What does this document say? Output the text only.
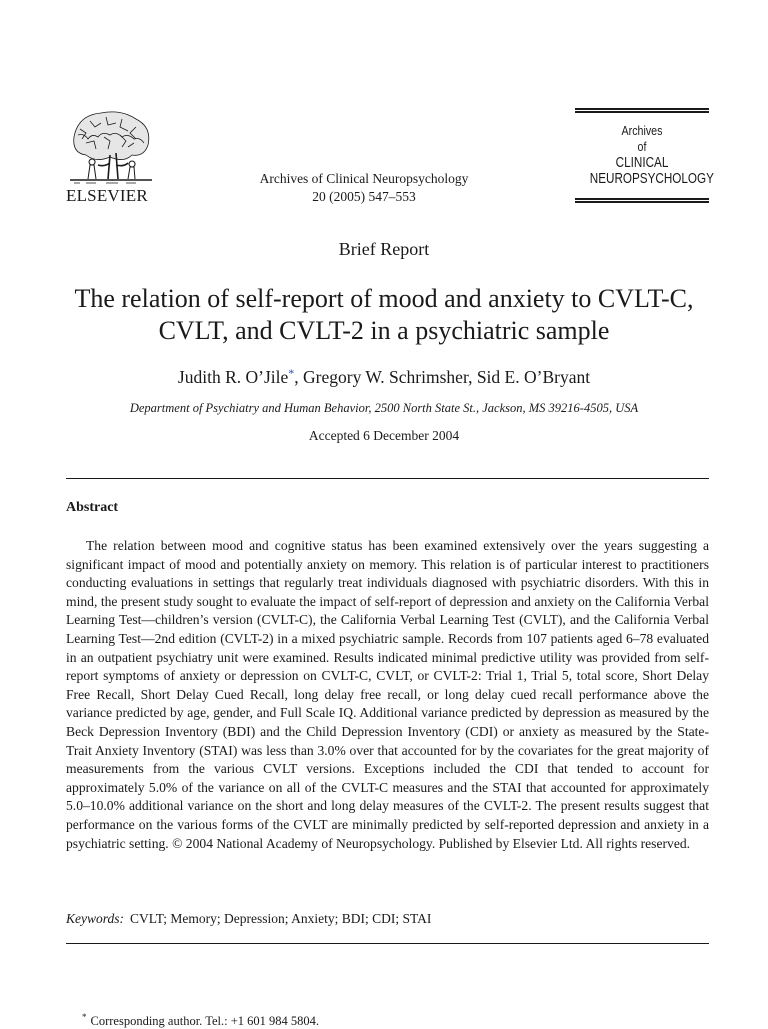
ELSEVIER
Archives of Clinical Neuropsychology
20 (2005) 547–553
Archives
of
CLINICAL
NEUROPSYCHOLOGY
Brief Report
The relation of self-report of mood and anxiety to CVLT-C, CVLT, and CVLT-2 in a psychiatric sample
Judith R. O’Jile*, Gregory W. Schrimsher, Sid E. O’Bryant
Department of Psychiatry and Human Behavior, 2500 North State St., Jackson, MS 39216-4505, USA
Accepted 6 December 2004
Abstract
The relation between mood and cognitive status has been examined extensively over the years suggesting a significant impact of mood and potentially anxiety on memory. This relation is of particular interest to practitioners conducting evaluations in settings that regularly treat individuals diagnosed with psychiatric disorders. With this in mind, the present study sought to evaluate the impact of self-report of depression and anxiety on the California Verbal Learning Test—children’s version (CVLT-C), the California Verbal Learning Test (CVLT), and the California Verbal Learning Test—2nd edition (CVLT-2) in a mixed psychiatric sample. Records from 107 patients aged 6–78 evaluated in an outpatient psychiatry unit were examined. Results indicated minimal predictive utility was provided from self-report symptoms of anxiety or depression on CVLT-C, CVLT, or CVLT-2: Trial 1, Trial 5, total score, Short Delay Free Recall, Short Delay Cued Recall, long delay free recall, or long delay cued recall performance above the variance predicted by age, gender, and Full Scale IQ. Additional variance predicted by depression as measured by the Beck Depression Inventory (BDI) and the Child Depression Inventory (CDI) or anxiety as measured by the State-Trait Anxiety Inventory (STAI) was less than 3.0% over that accounted for by the covariates for the great majority of measurements from the various CVLT versions. Exceptions included the CDI that tended to account for approximately 5.0% of the variance on all of the CVLT-C measures and the STAI that accounted for approximately 5.0–10.0% additional variance on the short and long delay measures of the CVLT-2. The present results suggest that performance on the various forms of the CVLT are minimally predicted by self-reported depression and anxiety in a psychiatric setting. © 2004 National Academy of Neuropsychology. Published by Elsevier Ltd. All rights reserved.
Keywords: CVLT; Memory; Depression; Anxiety; BDI; CDI; STAI
* Corresponding author. Tel.: +1 601 984 5804.
